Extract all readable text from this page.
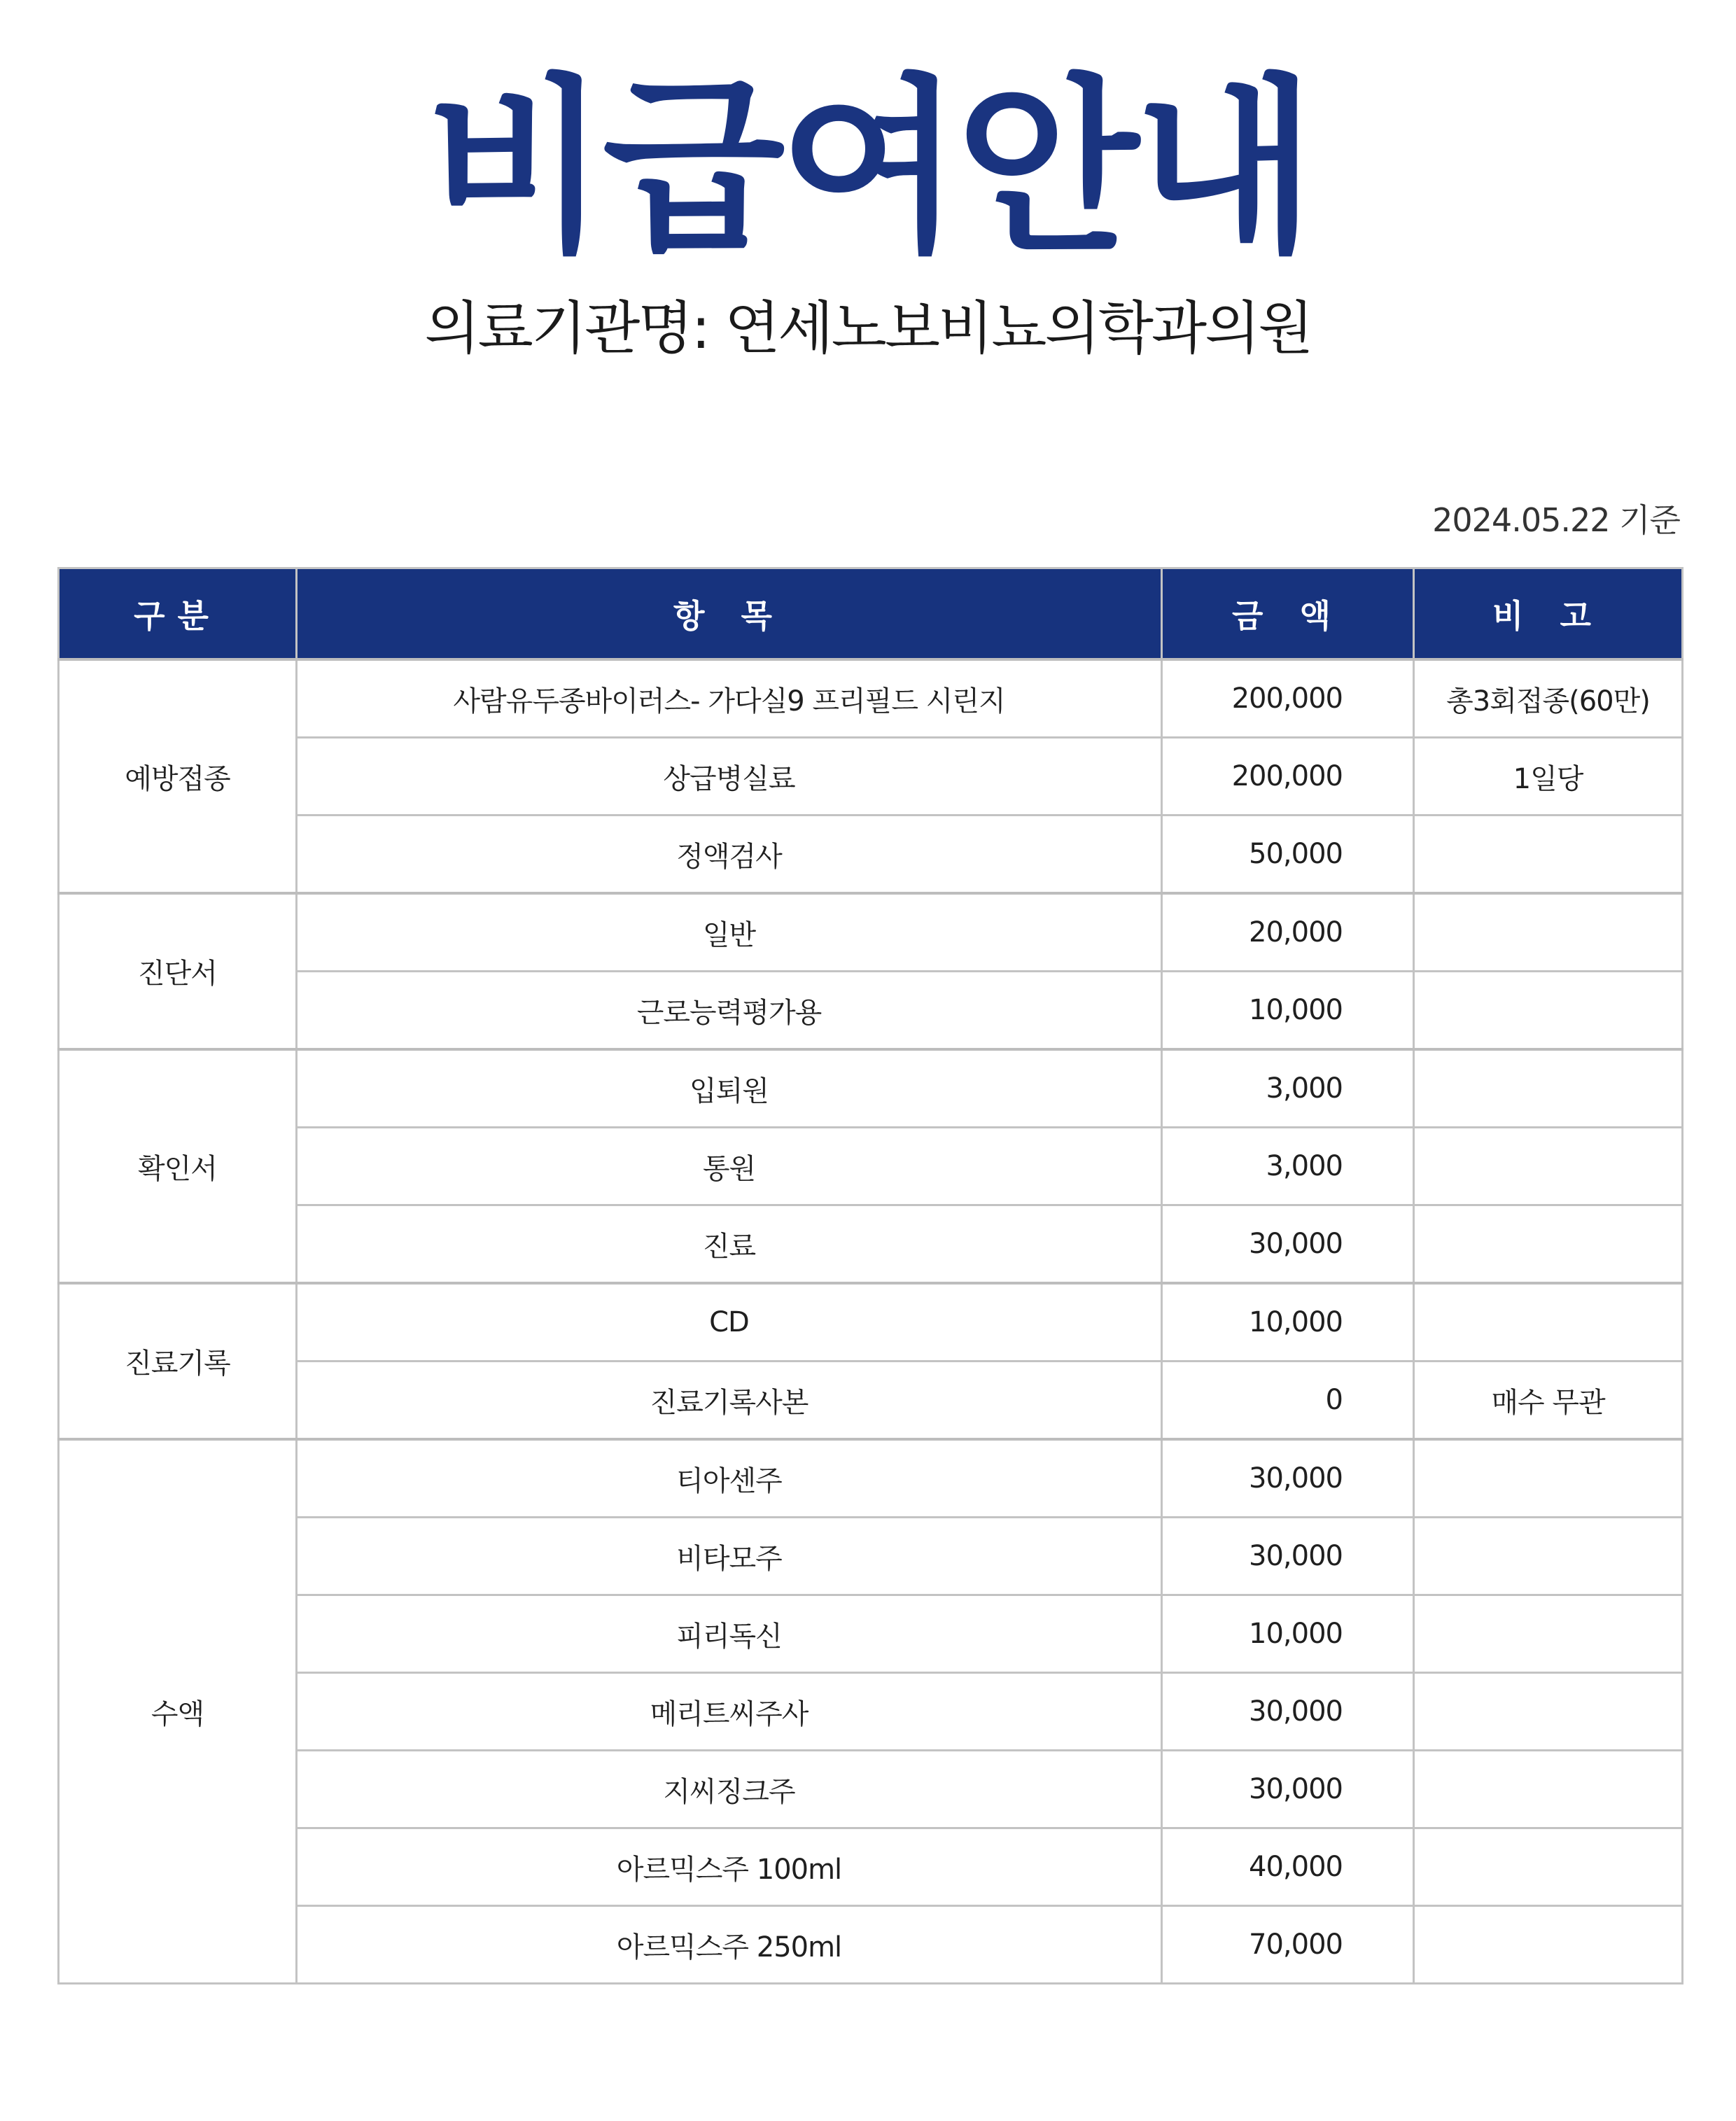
비급여안내
의료기관명: 연세노보비뇨의학과의원
2024.05.22 기준
구분	항 목	금 액	비 고
예방접종	사람유두종바이러스- 가다실9 프리필드 시린지	200,000	총3회접종(60만)
	상급병실료	200,000	1일당
	정액검사	50,000	
진단서	일반	20,000	
	근로능력평가용	10,000	
확인서	입퇴원	3,000	
	통원	3,000	
	진료	30,000	
진료기록	CD	10,000	
	진료기록사본	0	매수 무관
수액	티아센주	30,000	
	비타모주	30,000	
	피리독신	10,000	
	메리트씨주사	30,000	
	지씨징크주	30,000	
	아르믹스주 100ml	40,000	
	아르믹스주 250ml	70,000	
